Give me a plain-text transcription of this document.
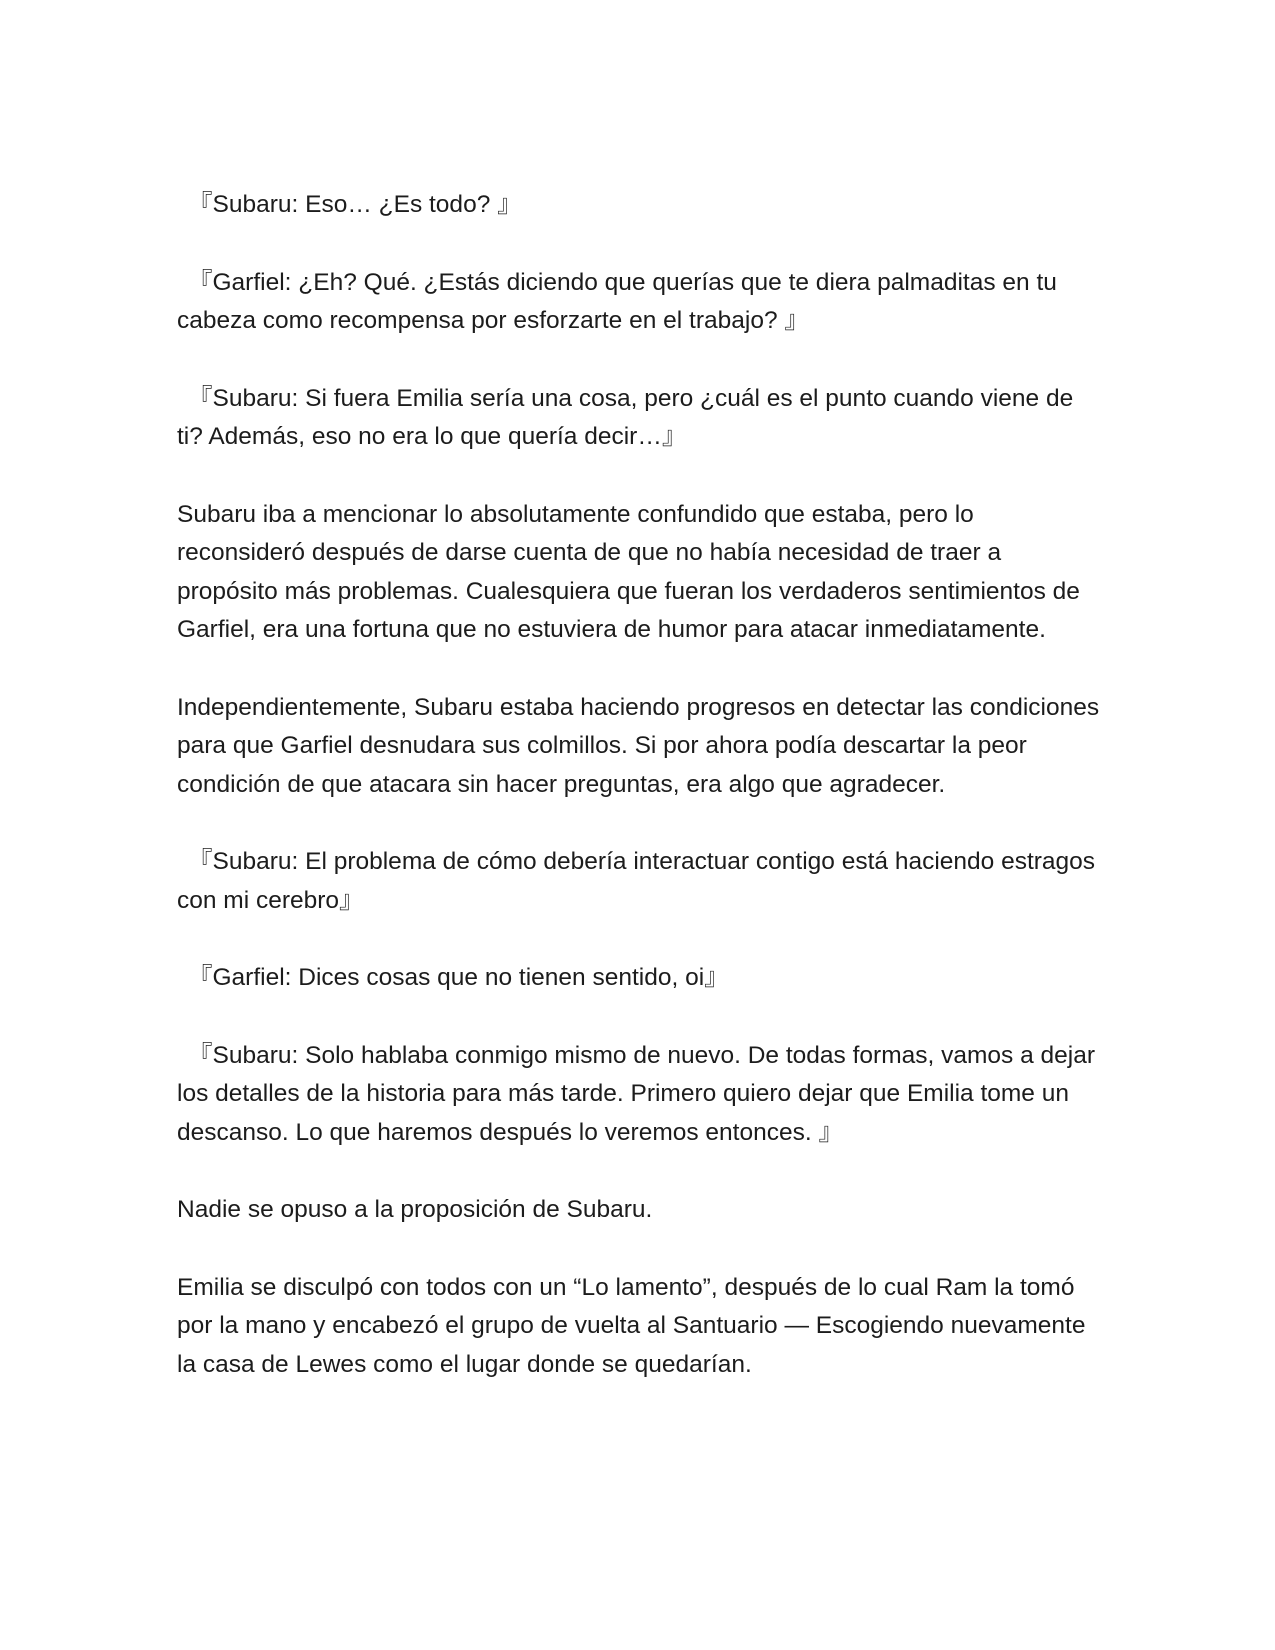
『Subaru: Eso… ¿Es todo? 』

『Garfiel: ¿Eh? Qué. ¿Estás diciendo que querías que te diera palmaditas en tu cabeza como recompensa por esforzarte en el trabajo? 』

『Subaru: Si fuera Emilia sería una cosa, pero ¿cuál es el punto cuando viene de ti? Además, eso no era lo que quería decir…』

Subaru iba a mencionar lo absolutamente confundido que estaba, pero lo reconsideró después de darse cuenta de que no había necesidad de traer a propósito más problemas. Cualesquiera que fueran los verdaderos sentimientos de Garfiel, era una fortuna que no estuviera de humor para atacar inmediatamente.

Independientemente, Subaru estaba haciendo progresos en detectar las condiciones para que Garfiel desnudara sus colmillos. Si por ahora podía descartar la peor condición de que atacara sin hacer preguntas, era algo que agradecer.

『Subaru: El problema de cómo debería interactuar contigo está haciendo estragos con mi cerebro』

『Garfiel: Dices cosas que no tienen sentido, oi』

『Subaru: Solo hablaba conmigo mismo de nuevo. De todas formas, vamos a dejar los detalles de la historia para más tarde. Primero quiero dejar que Emilia tome un descanso. Lo que haremos después lo veremos entonces. 』

Nadie se opuso a la proposición de Subaru.

Emilia se disculpó con todos con un “Lo lamento”, después de lo cual Ram la tomó por la mano y encabezó el grupo de vuelta al Santuario — Escogiendo nuevamente la casa de Lewes como el lugar donde se quedarían.
